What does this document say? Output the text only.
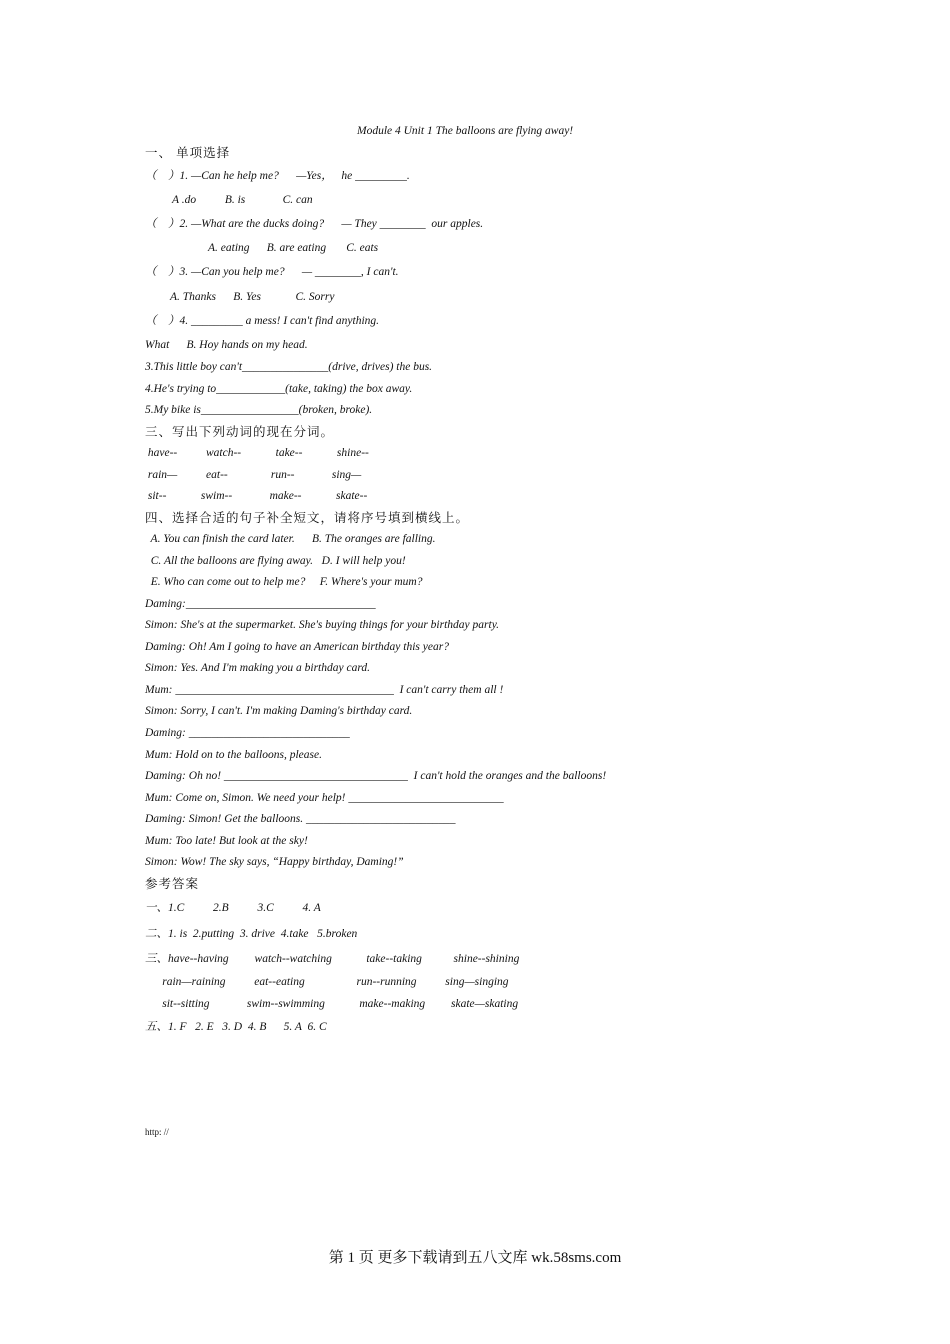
Module 4 Unit 1 The balloons are flying away!
一、 单项选择
（    ）1. —Can he help me?      —Yes，   he _________.
A .do          B. is             C. can
（    ）2. —What are the ducks doing?      — They ________  our apples.
A. eating      B. are eating       C. eats
（    ）3. —Can you help me?      — ________, I can't.
A. Thanks      B. Yes            C. Sorry
（    ）4. _________ a mess! I can't find anything.
What      B. Hoy hands on my head.
3.This little boy can't_______________(drive, drives) the bus.
4.He's trying to____________(take, taking) the box away.
5.My bike is_________________(broken, broke).
三、写出下列动词的现在分词。
have--          watch--            take--            shine--
rain—          eat--               run--             sing—
sit--            swim--             make--            skate--
四、选择合适的句子补全短文，请将序号填到横线上。
A. You can finish the card later.      B. The oranges are falling.
C. All the balloons are flying away.   D. I will help you!
E. Who can come out to help me?     F. Where's your mum?
Daming:_________________________________
Simon: She's at the supermarket. She's buying things for your birthday party.
Daming: Oh! Am I going to have an American birthday this year?
Simon: Yes. And I'm making you a birthday card.
Mum: ______________________________________  I can't carry them all !
Simon: Sorry, I can't. I'm making Daming's birthday card.
Daming: ____________________________
Mum: Hold on to the balloons, please.
Daming: Oh no! ________________________________  I can't hold the oranges and the balloons!
Mum: Come on, Simon. We need your help! ___________________________
Daming: Simon! Get the balloons. __________________________
Mum: Too late! But look at the sky!
Simon: Wow! The sky says, “Happy birthday, Daming!”
参考答案
一、1.C          2.B          3.C          4. A
二、1. is  2.putting  3. drive  4.take   5.broken
三、have--having         watch--watching            take--taking           shine--shining
rain—raining          eat--eating                  run--running          sing—singing
sit--sitting             swim--swimming            make--making         skate—skating
五、1. F   2. E   3. D  4. B      5. A  6. C
http: //
第 1 页 更多下载请到五八文库 wk.58sms.com
